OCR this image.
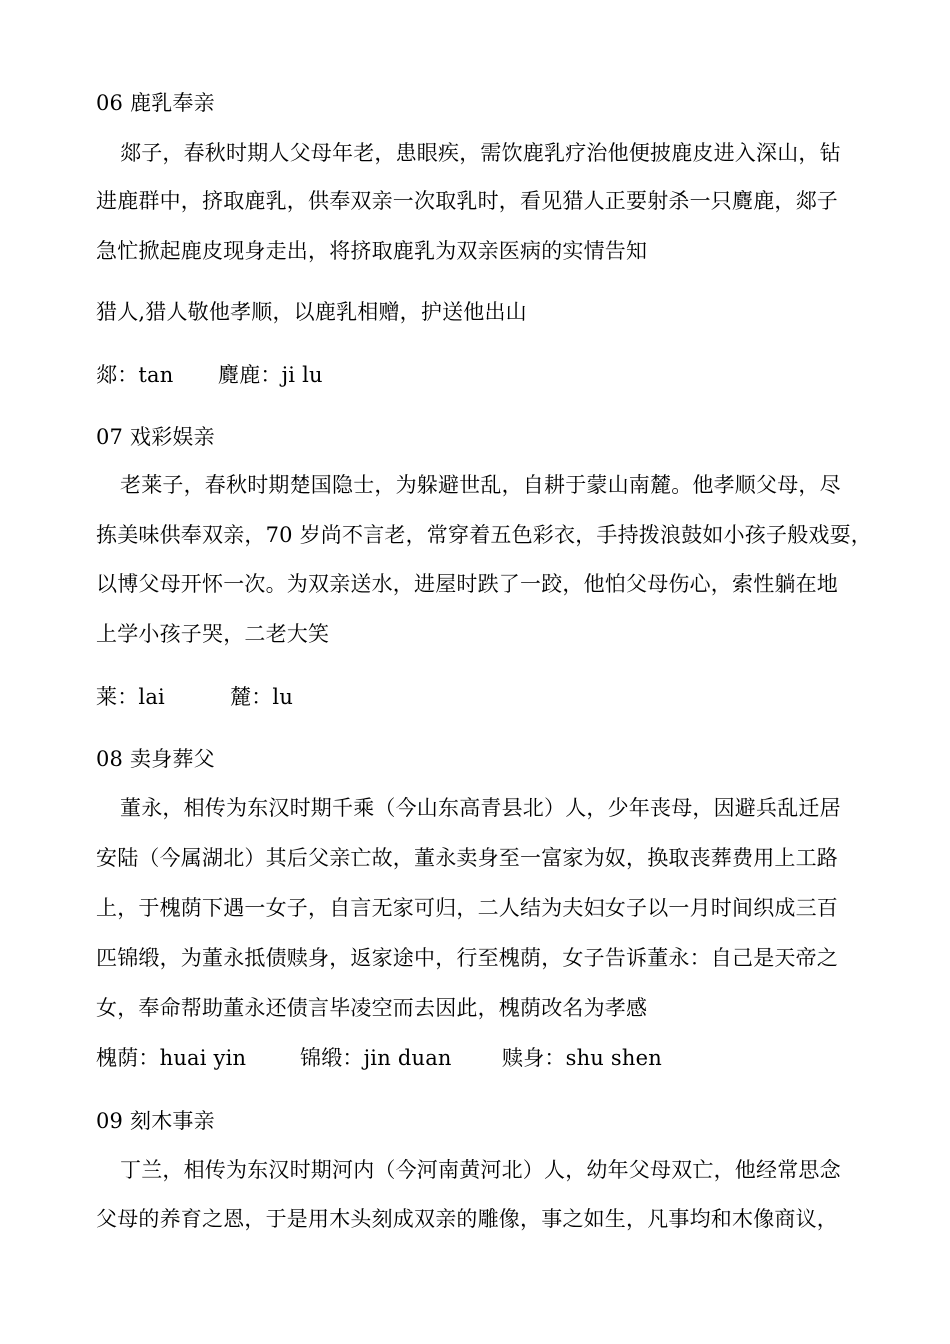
06 鹿乳奉亲
郯子，春秋时期人父母年老，患眼疾，需饮鹿乳疗治他便披鹿皮进入深山，钻
进鹿群中，挤取鹿乳，供奉双亲一次取乳时，看见猎人正要射杀一只麑鹿，郯子
急忙掀起鹿皮现身走出，将挤取鹿乳为双亲医病的实情告知
猎人,猎人敬他孝顺，以鹿乳相赠，护送他出山
郯：tan 麑鹿：ji lu
07 戏彩娱亲
老莱子，春秋时期楚国隐士，为躲避世乱，自耕于蒙山南麓。他孝顺父母，尽
拣美味供奉双亲，70 岁尚不言老，常穿着五色彩衣，手持拨浪鼓如小孩子般戏耍，
以博父母开怀一次。为双亲送水，进屋时跌了一跤，他怕父母伤心，索性躺在地
上学小孩子哭，二老大笑
莱：lai	麓：lu
08 卖身葬父
董永，相传为东汉时期千乘（今山东高青县北）人，少年丧母，因避兵乱迁居
安陆（今属湖北）其后父亲亡故，董永卖身至一富家为奴，换取丧葬费用上工路
上，于槐荫下遇一女子，自言无家可归，二人结为夫妇女子以一月时间织成三百
匹锦缎，为董永抵债赎身，返家途中，行至槐荫，女子告诉董永：自己是天帝之
女，奉命帮助董永还债言毕凌空而去因此，槐荫改名为孝感
槐荫：huai yin	锦缎：jin duan 赎身：shu shen
09 刻木事亲
丁兰，相传为东汉时期河内（今河南黄河北）人，幼年父母双亡，他经常思念
父母的养育之恩，于是用木头刻成双亲的雕像，事之如生，凡事均和木像商议，
